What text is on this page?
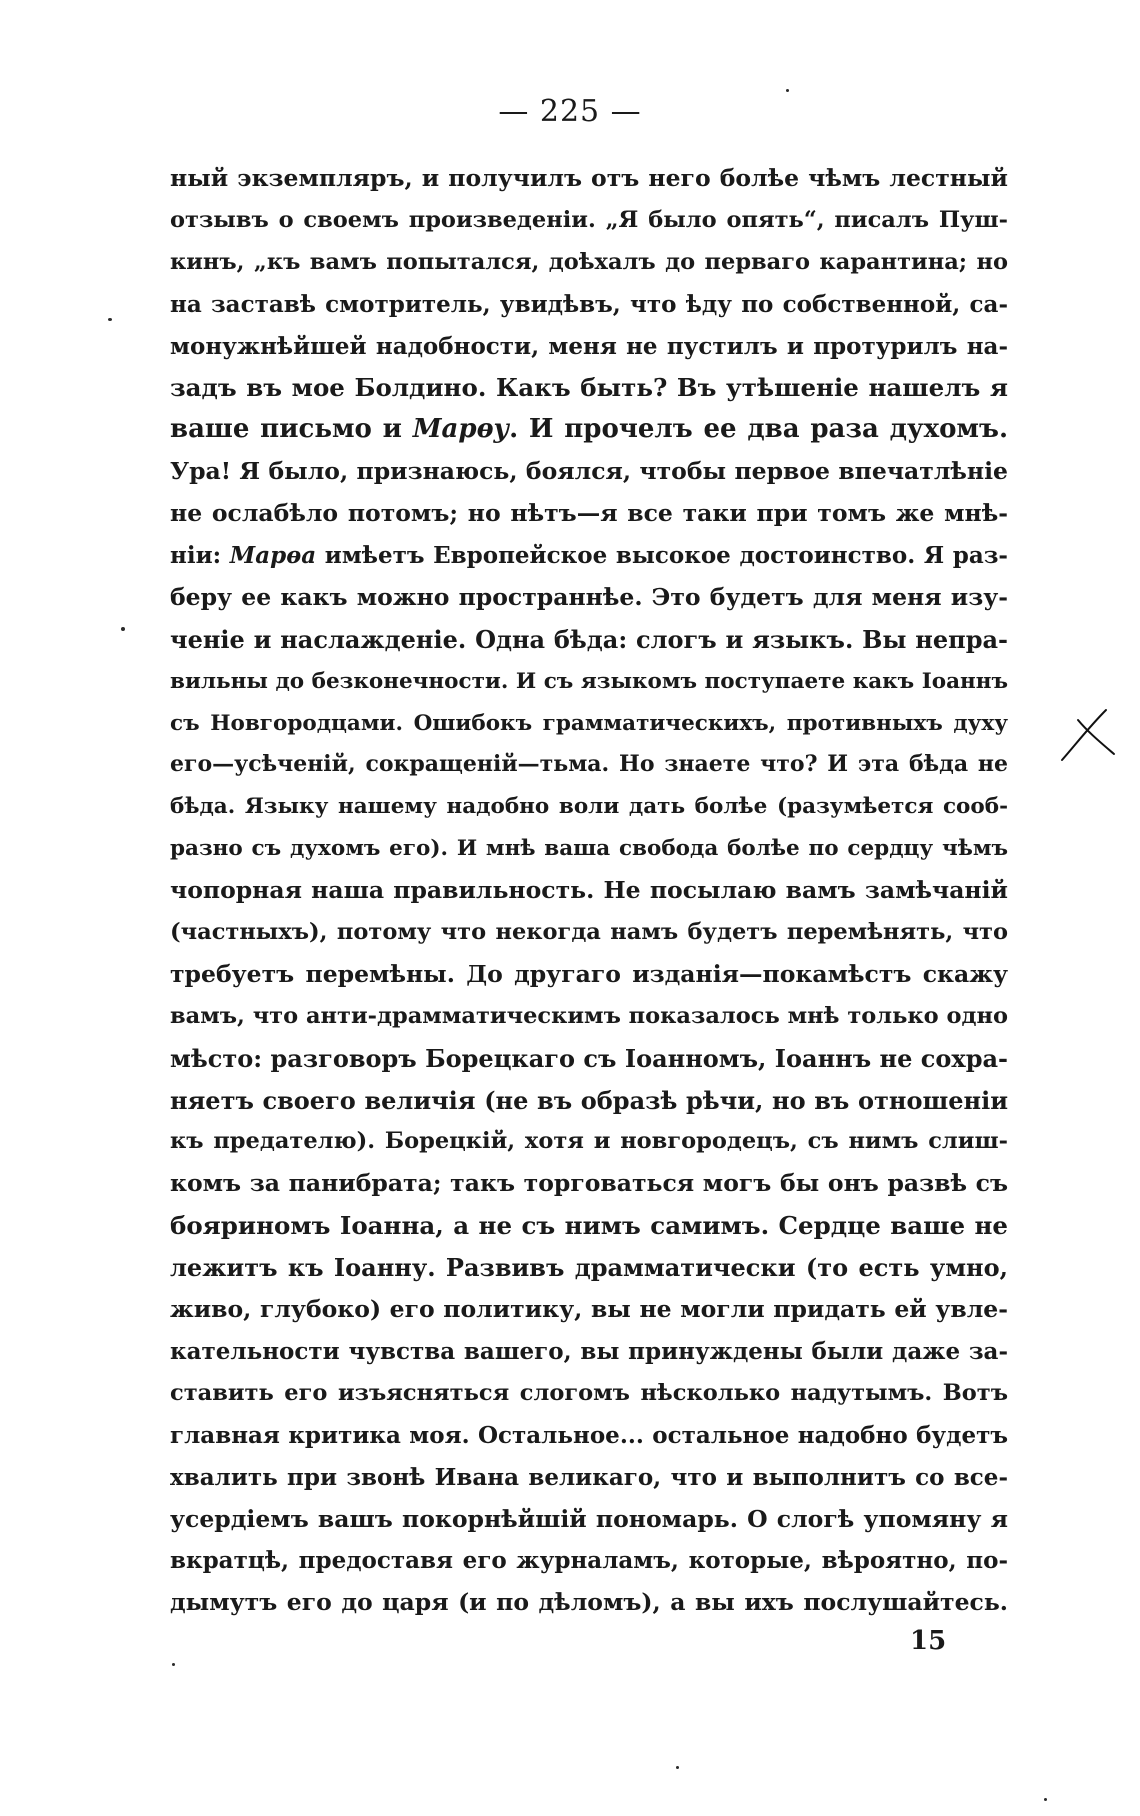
— 225 —
ный экземпляръ, и получилъ отъ него болѣе чѣмъ лестный
отзывъ о своемъ произведеніи. „Я было опять“, писалъ Пуш-
кинъ, „къ вамъ попытался, доѣхалъ до перваго карантина; но
на заставѣ смотритель, увидѣвъ, что ѣду по собственной, са-
монужнѣйшей надобности, меня не пустилъ и протурилъ на-
задъ въ мое Болдино. Какъ быть? Въ утѣшеніе нашелъ я
ваше письмо и Марѳу. И прочелъ ее два раза духомъ.
Ура! Я было, признаюсь, боялся, чтобы первое впечатлѣніе
не ослабѣло потомъ; но нѣтъ—я все таки при томъ же мнѣ-
ніи: Марѳа имѣетъ Европейское высокое достоинство. Я раз-
беру ее какъ можно пространнѣе. Это будетъ для меня изу-
ченіе и наслажденіе. Одна бѣда: слогъ и языкъ. Вы непра-
вильны до безконечности. И съ языкомъ поступаете какъ Іоаннъ
съ Новгородцами. Ошибокъ грамматическихъ, противныхъ духу
его—усѣченій, сокращеній—тьма. Но знаете что? И эта бѣда не
бѣда. Языку нашему надобно воли дать болѣе (разумѣется сооб-
разно съ духомъ его). И мнѣ ваша свобода болѣе по сердцу чѣмъ
чопорная наша правильность. Не посылаю вамъ замѣчаній
(частныхъ), потому что некогда намъ будетъ перемѣнять, что
требуетъ перемѣны. До другаго изданія—покамѣстъ скажу
вамъ, что анти-драмматическимъ показалось мнѣ только одно
мѣсто: разговоръ Борецкаго съ Іоанномъ, Іоаннъ не сохра-
няетъ своего величія (не въ образѣ рѣчи, но въ отношеніи
къ предателю). Борецкій, хотя и новгородецъ, съ нимъ слиш-
комъ за панибрата; такъ торговаться могъ бы онъ развѣ съ
бояриномъ Іоанна, а не съ нимъ самимъ. Сердце ваше не
лежитъ къ Іоанну. Развивъ драмматически (то есть умно,
живо, глубоко) его политику, вы не могли придать ей увле-
кательности чувства вашего, вы принуждены были даже за-
ставить его изъясняться слогомъ нѣсколько надутымъ. Вотъ
главная критика моя. Остальное... остальное надобно будетъ
хвалить при звонѣ Ивана великаго, что и выполнитъ со все-
усердіемъ вашъ покорнѣйшій пономарь. О слогѣ упомяну я
вкратцѣ, предоставя его журналамъ, которые, вѣроятно, по-
дымутъ его до царя (и по дѣломъ), а вы ихъ послушайтесь.
15
